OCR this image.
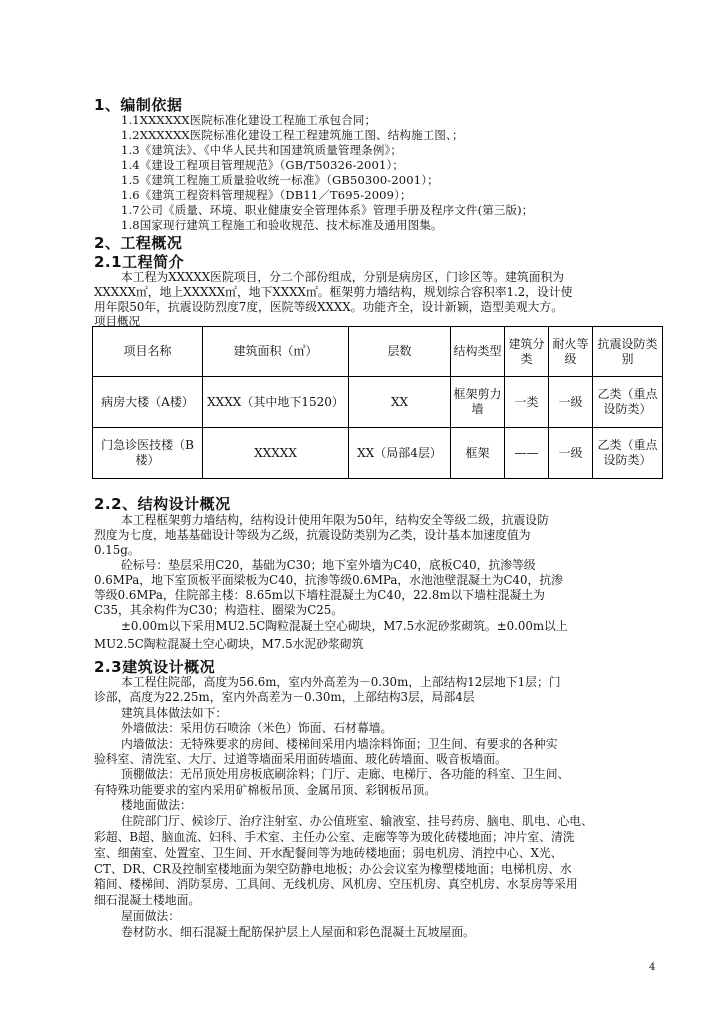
1、编制依据
1.1XXXXXX医院标准化建设工程施工承包合同；
1.2XXXXXX医院标准化建设工程工程建筑施工图、结构施工图、；
1.3《建筑法》、《中华人民共和国建筑质量管理条例》；
1.4《建设工程项目管理规范》（GB/T50326-2001）；
1.5《建筑工程施工质量验收统一标准》（GB50300-2001）；
1.6《建筑工程资料管理规程》（DB11／T695-2009）；
1.7公司《质量、环境、职业健康安全管理体系》管理手册及程序文件(第三版)；
1.8国家现行建筑工程施工和验收规范、技术标准及通用图集。
2、工程概况
2.1工程简介
本工程为XXXXX医院项目，分二个部份组成，分别是病房区，门诊区等。建筑面积为
XXXXX㎡，地上XXXXX㎡，地下XXXX㎡。框架剪力墙结构，规划综合容积率1.2，设计使
用年限50年，抗震设防烈度7度，医院等级XXXX。功能齐全，设计新颖，造型美观大方。
项目概况
项目名称	建筑面积（㎡）	层数	结构类型	建筑分类	耐火等级	抗震设防类别
病房大楼（A楼）	XXXX（其中地下1520）	XX	框架剪力墙	一类	一级	乙类（重点设防类）
门急诊医技楼（B楼）	XXXXX	XX（局部4层）	框架	——	一级	乙类（重点设防类）
2.2、结构设计概况
本工程框架剪力墙结构，结构设计使用年限为50年，结构安全等级二级，抗震设防
烈度为七度，地基基础设计等级为乙级，抗震设防类别为乙类，设计基本加速度值为
0.15g。
砼标号：垫层采用C20，基础为C30；地下室外墙为C40，底板C40，抗渗等级
0.6MPa，地下室顶板平面梁板为C40，抗渗等级0.6MPa，水池池壁混凝土为C40，抗渗
等级0.6MPa，住院部主楼：8.65m以下墙柱混凝土为C40，22.8m以下墙柱混凝土为
C35，其余构件为C30；构造柱、圈梁为C25。
±0.00m以下采用MU2.5C陶粒混凝土空心砌块，M7.5水泥砂浆砌筑。±0.00m以上
MU2.5C陶粒混凝土空心砌块，M7.5水泥砂浆砌筑
2.3建筑设计概况
本工程住院部，高度为56.6m，室内外高差为－0.30m，上部结构12层地下1层；门
诊部，高度为22.25m，室内外高差为－0.30m，上部结构3层，局部4层
建筑具体做法如下：
外墙做法：采用仿石喷涂（米色）饰面、石材幕墙。
内墙做法：无特殊要求的房间、楼梯间采用内墙涂料饰面；卫生间、有要求的各种实
验科室、清洗室、大厅、过道等墙面采用面砖墙面、玻化砖墙面、吸音板墙面。
顶棚做法：无吊顶处用房板底刷涂料；门厅、走廊、电梯厅、各功能的科室、卫生间、
有特殊功能要求的室内采用矿棉板吊顶、金属吊顶、彩钢板吊顶。
楼地面做法：
住院部门厅、候诊厅、治疗注射室、办公值班室、输液室、挂号药房、脑电、肌电、心电、
彩超、B超、脑血流、妇科、手术室、主任办公室、走廊等等为玻化砖楼地面；冲片室、清洗
室、细菌室、处置室、卫生间、开水配餐间等为地砖楼地面；弱电机房、消控中心、X光、
CT、DR、CR及控制室楼地面为架空防静电地板；办公会议室为橡塑楼地面；电梯机房、水
箱间、楼梯间、消防泵房、工具间、无线机房、风机房、空压机房、真空机房、水泵房等采用
细石混凝土楼地面。
屋面做法：
卷材防水、细石混凝土配筋保护层上人屋面和彩色混凝土瓦坡屋面。
4
